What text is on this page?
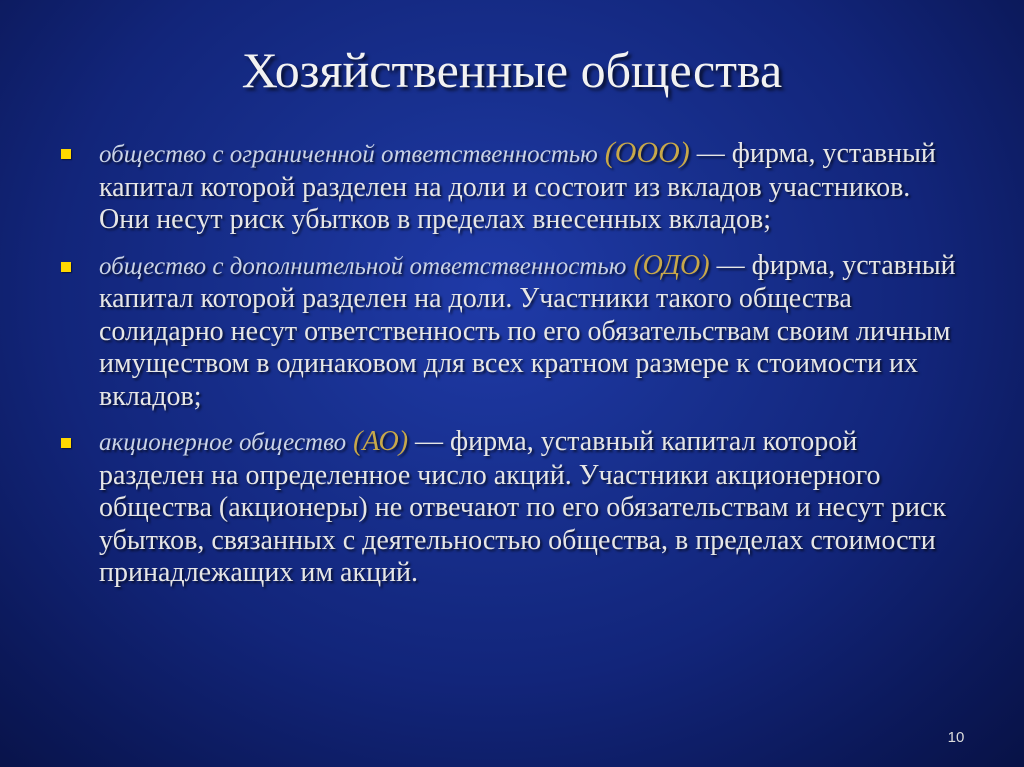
Хозяйственные общества
общество с ограниченной ответственностью (ООО) — фирма, уставный капитал которой разделен на доли и состоит из вкладов участников. Они несут риск убытков в пределах внесенных вкладов;
общество с дополнительной ответственностью (ОДО) — фирма, уставный капитал которой разделен на доли. Участники такого общества солидарно несут ответственность по его обязательствам своим личным имуществом в одинаковом для всех кратном размере к стоимости их вкладов;
акционерное общество (АО) — фирма, уставный капитал которой разделен на определенное число акций. Участники акционерного общества (акционеры) не отвечают по его обязательствам и несут риск убытков, связанных с деятельностью общества, в пределах стоимости принадлежащих им акций.
10
